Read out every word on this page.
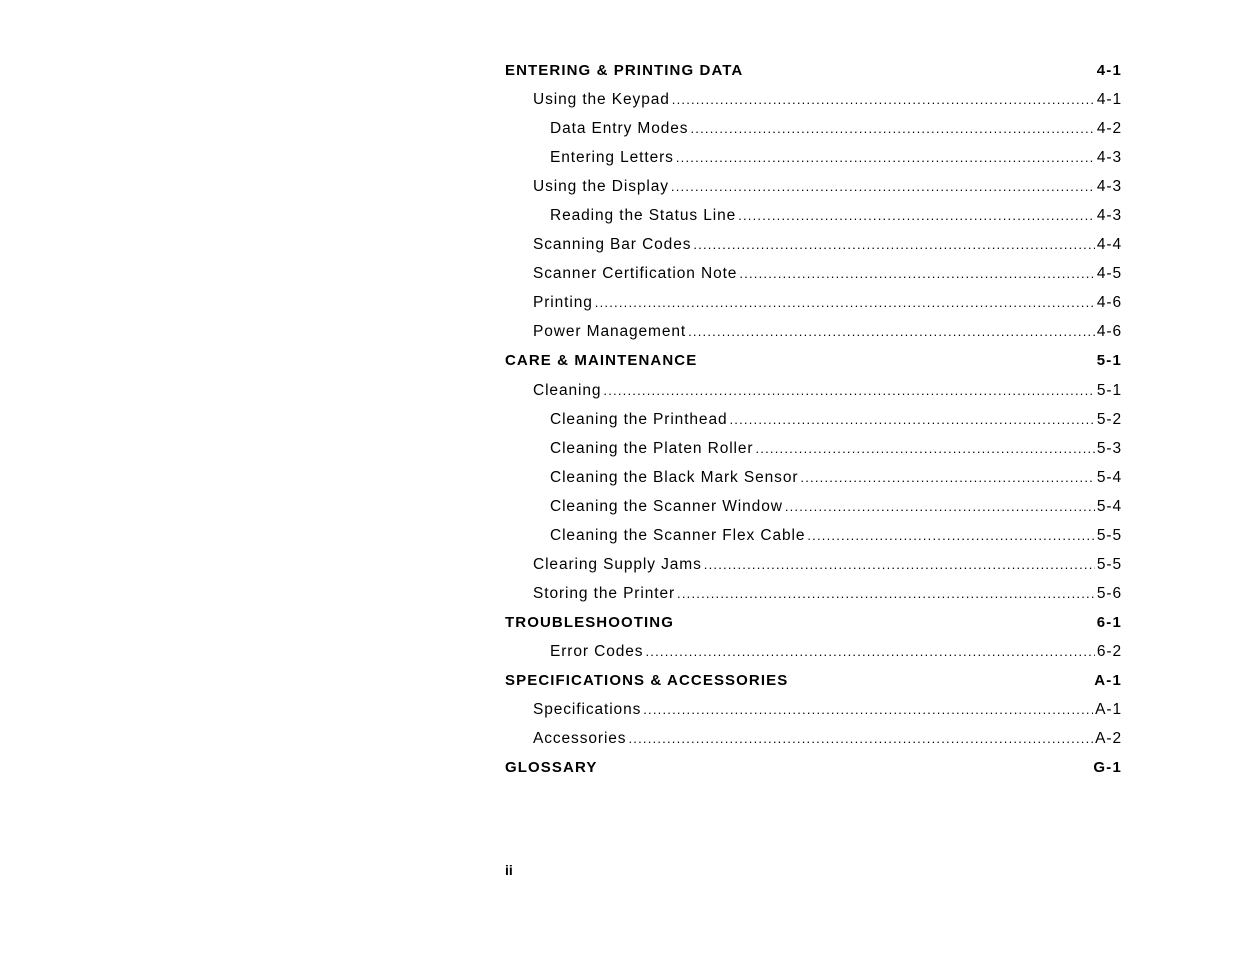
ENTERING & PRINTING DATA	4-1
Using the Keypad .....	4-1
Data Entry Modes .....	4-2
Entering Letters .....	4-3
Using the Display .....	4-3
Reading the Status Line .....	4-3
Scanning Bar Codes .....	4-4
Scanner Certification Note .....	4-5
Printing .....	4-6
Power Management .....	4-6
CARE & MAINTENANCE	5-1
Cleaning .....	5-1
Cleaning the Printhead .....	5-2
Cleaning the Platen Roller .....	5-3
Cleaning the Black Mark Sensor .....	5-4
Cleaning the Scanner Window .....	5-4
Cleaning the Scanner Flex Cable .....	5-5
Clearing Supply Jams .....	5-5
Storing the Printer .....	5-6
TROUBLESHOOTING	6-1
Error Codes .....	6-2
SPECIFICATIONS & ACCESSORIES	A-1
Specifications .....	A-1
Accessories .....	A-2
GLOSSARY	G-1
ii
